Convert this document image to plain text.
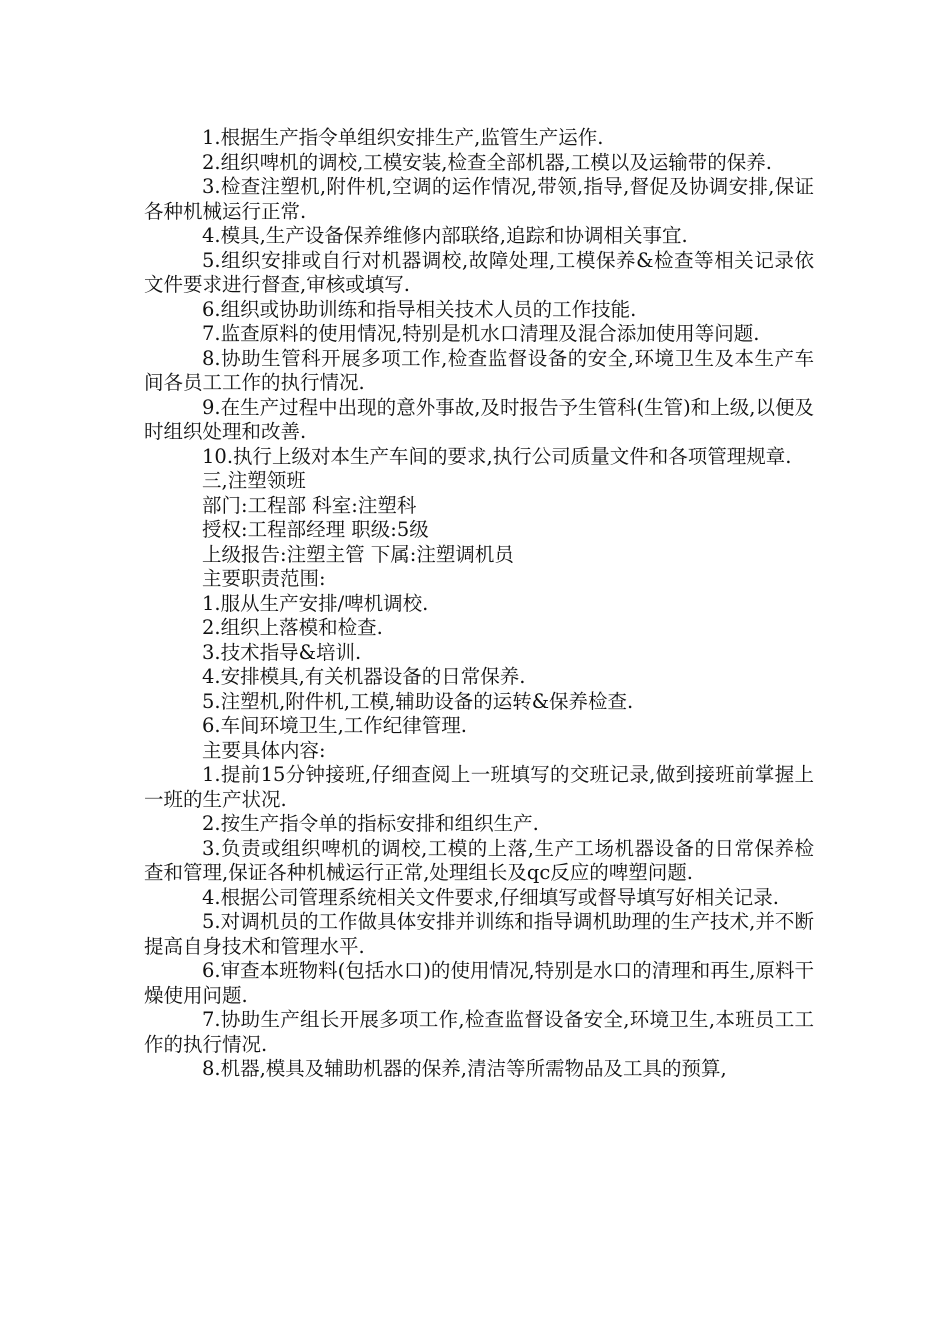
1.根据生产指令单组织安排生产,监管生产运作.

2.组织啤机的调校,工模安装,检查全部机器,工模以及运输带的保养.

3.检查注塑机,附件机,空调的运作情况,带领,指导,督促及协调安排,保证各种机械运行正常.

4.模具,生产设备保养维修内部联络,追踪和协调相关事宜.

5.组织安排或自行对机器调校,故障处理,工模保养&检查等相关记录依文件要求进行督查,审核或填写.

6.组织或协助训练和指导相关技术人员的工作技能.

7.监查原料的使用情况,特别是机水口清理及混合添加使用等问题.

8.协助生管科开展多项工作,检查监督设备的安全,环境卫生及本生产车间各员工工作的执行情况.

9.在生产过程中出现的意外事故,及时报告予生管科(生管)和上级,以便及时组织处理和改善.

10.执行上级对本生产车间的要求,执行公司质量文件和各项管理规章.

三,注塑领班

部门:工程部 科室:注塑科

授权:工程部经理 职级:5级

上级报告:注塑主管 下属:注塑调机员

主要职责范围:

1.服从生产安排/啤机调校.

2.组织上落模和检查.

3.技术指导&培训.

4.安排模具,有关机器设备的日常保养.

5.注塑机,附件机,工模,辅助设备的运转&保养检查.

6.车间环境卫生,工作纪律管理.

主要具体内容:

1.提前15分钟接班,仔细查阅上一班填写的交班记录,做到接班前掌握上一班的生产状况.

2.按生产指令单的指标安排和组织生产.

3.负责或组织啤机的调校,工模的上落,生产工场机器设备的日常保养检查和管理,保证各种机械运行正常,处理组长及qc反应的啤塑问题.

4.根据公司管理系统相关文件要求,仔细填写或督导填写好相关记录.

5.对调机员的工作做具体安排并训练和指导调机助理的生产技术,并不断提高自身技术和管理水平.

6.审查本班物料(包括水口)的使用情况,特别是水口的清理和再生,原料干燥使用问题.

7.协助生产组长开展多项工作,检查监督设备安全,环境卫生,本班员工工作的执行情况.

8.机器,模具及辅助机器的保养,清洁等所需物品及工具的预算,
